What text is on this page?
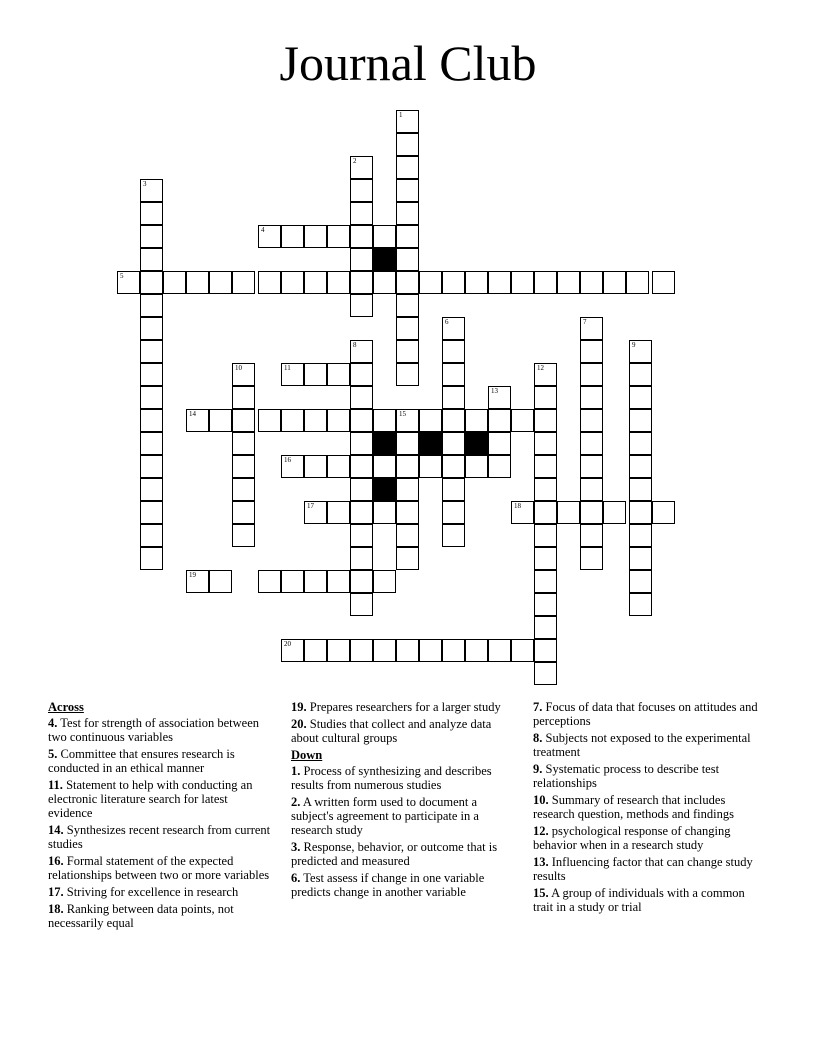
Journal Club
1
2
3
4
5
6	7
8	9
10	11	12
13
14
16
17	18
19
20
15
Across
4. Test for strength of association between two continuous variables
5. Committee that ensures research is conducted in an ethical manner
11. Statement to help with conducting an electronic literature search for latest evidence
14. Synthesizes recent research from current studies
16. Formal statement of the expected relationships between two or more variables
17. Striving for excellence in research
18. Ranking between data points, not necessarily equal
19. Prepares researchers for a larger study
20. Studies that collect and analyze data about cultural groups
Down
1. Process of synthesizing and describes results from numerous studies
2. A written form used to document a subject's agreement to participate in a research study
3. Response, behavior, or outcome that is predicted and measured
6. Test assess if change in one variable predicts change in another variable
7. Focus of data that focuses on attitudes and perceptions
8. Subjects not exposed to the experimental treatment
9. Systematic process to describe test relationships
10. Summary of research that includes research question, methods and findings
12. psychological response of changing behavior when in a research study
13. Influencing factor that can change study results
15. A group of individuals with a common trait in a study or trial
